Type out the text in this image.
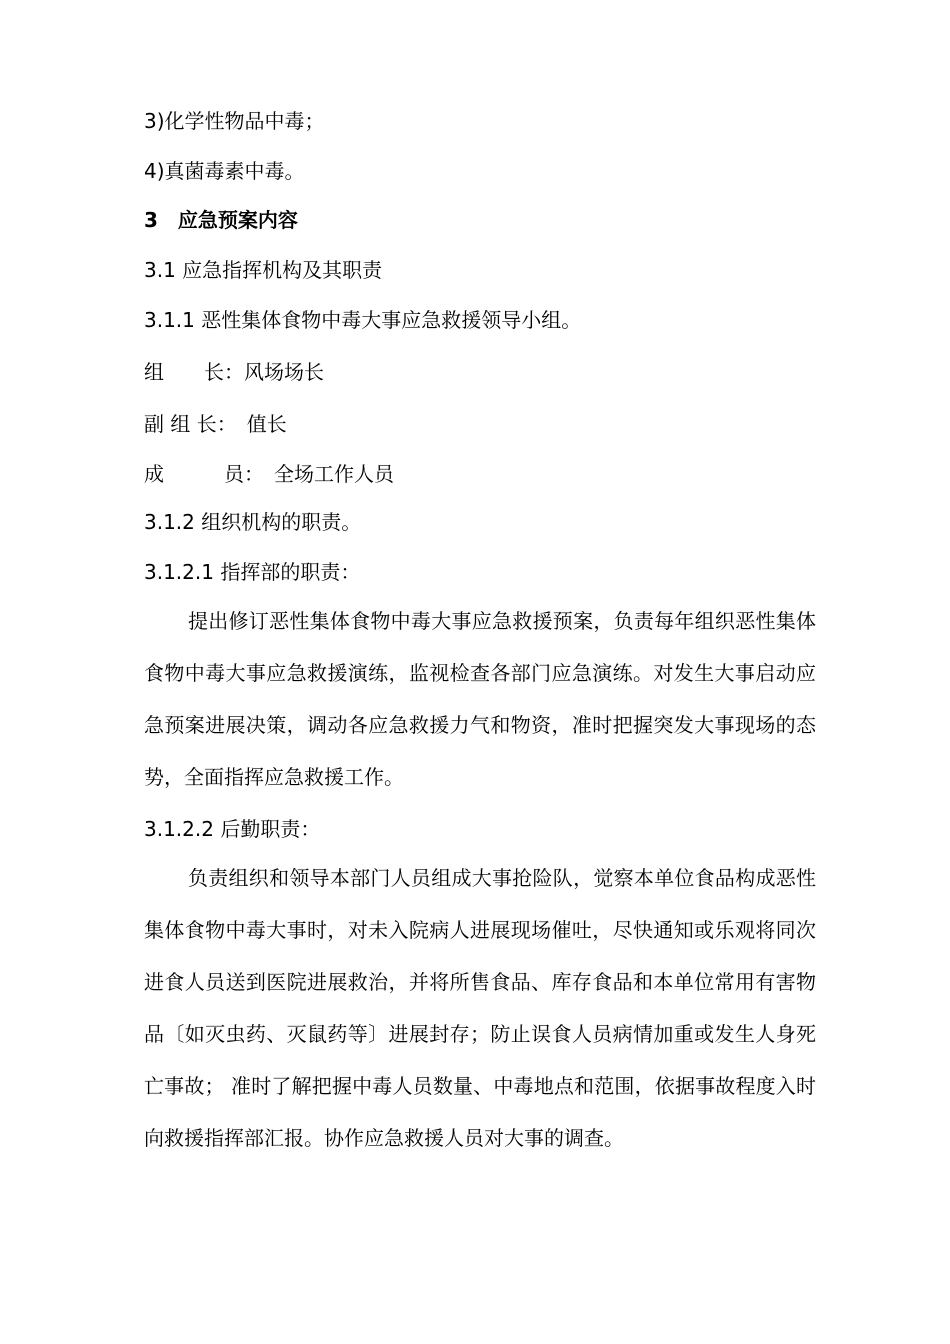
3)化学性物品中毒；
4)真菌毒素中毒。
3　应急预案内容
3.1 应急指挥机构及其职责
3.1.1 恶性集体食物中毒大事应急救援领导小组。
组　　长：风场场长
副 组 长： 值长
成　　　员： 全场工作人员
3.1.2 组织机构的职责。
3.1.2.1 指挥部的职责：

提出修订恶性集体食物中毒大事应急救援预案，负责每年组织恶性集体食物中毒大事应急救援演练，监视检查各部门应急演练。对发生大事启动应急预案进展决策，调动各应急救援力气和物资，准时把握突发大事现场的态势，全面指挥应急救援工作。

3.1.2.2 后勤职责：

负责组织和领导本部门人员组成大事抢险队，觉察本单位食品构成恶性集体食物中毒大事时，对未入院病人进展现场催吐，尽快通知或乐观将同次进食人员送到医院进展救治，并将所售食品、库存食品和本单位常用有害物品〔如灭虫药、灭鼠药等〕进展封存；防止误食人员病情加重或发生人身死亡事故； 准时了解把握中毒人员数量、中毒地点和范围，依据事故程度入时向救援指挥部汇报。协作应急救援人员对大事的调查。
